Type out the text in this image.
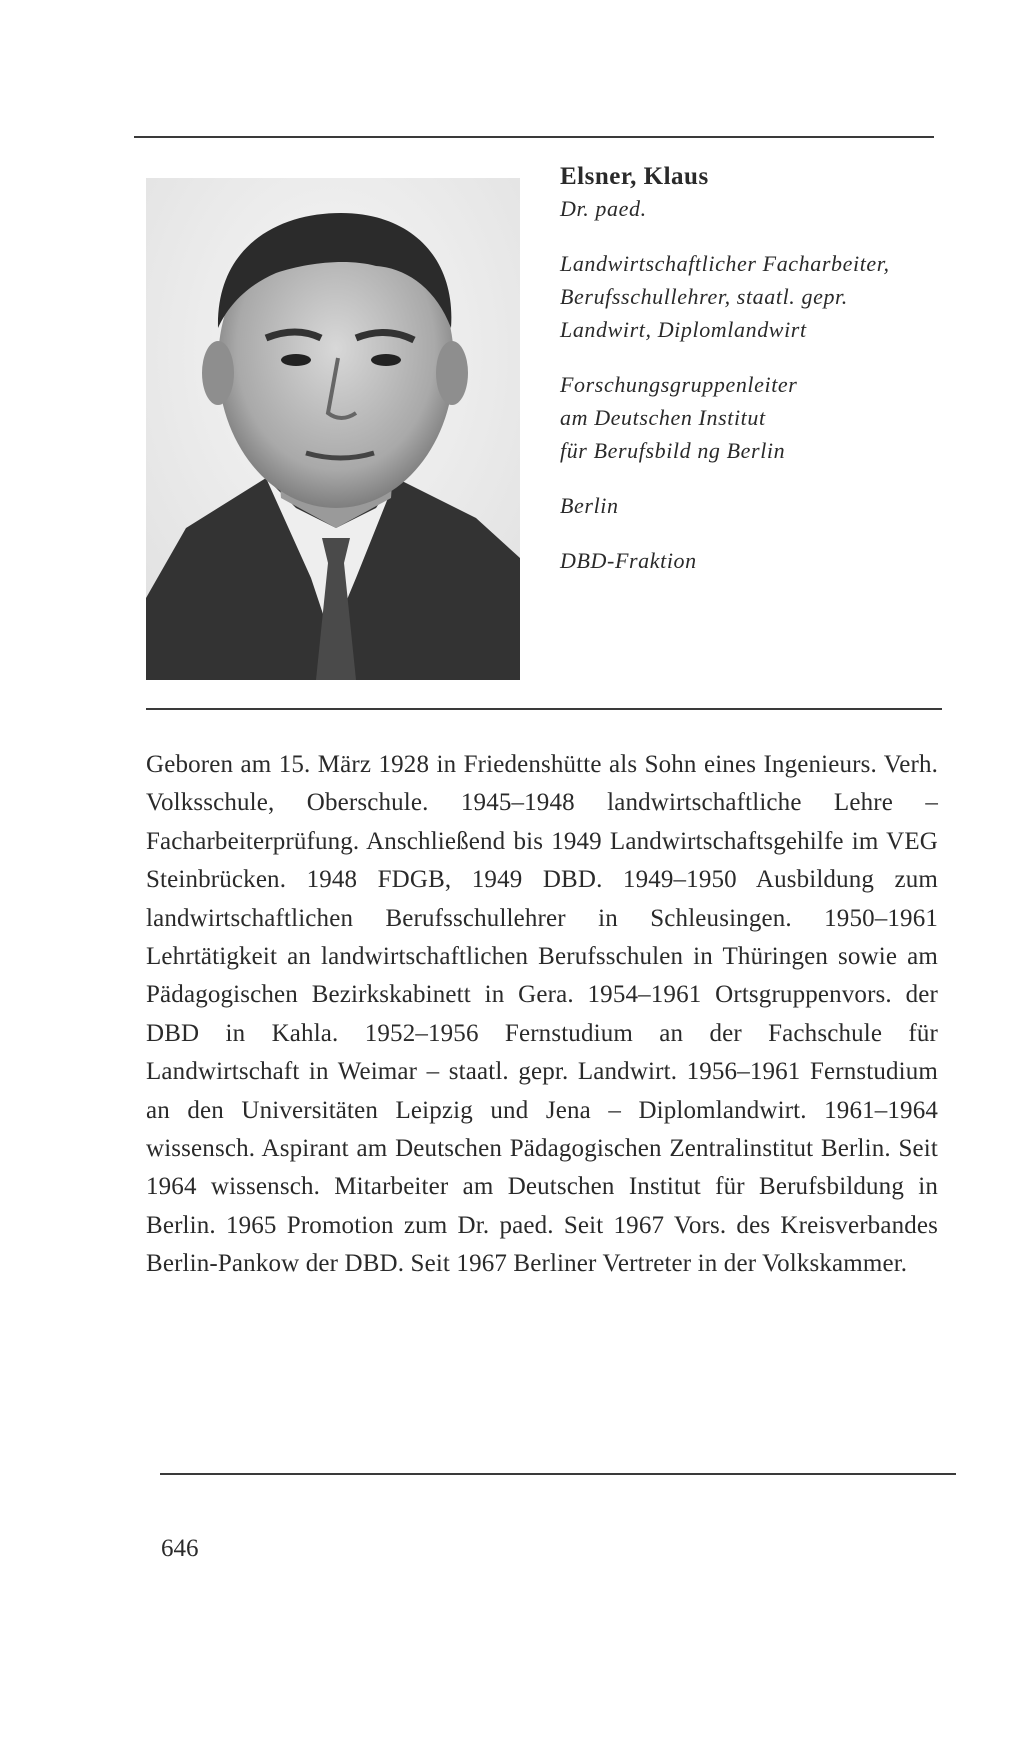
Elsner, Klaus

Dr. paed.

Landwirtschaftlicher Facharbeiter,

Berufsschullehrer, staatl. gepr.

Landwirt, Diplomlandwirt

Forschungsgruppenleiter

am Deutschen Institut

für Berufsbild ng Berlin

Berlin

DBD-Fraktion

Geboren am 15. März 1928 in Friedenshütte als Sohn eines Ingenieurs. Verh. Volksschule, Oberschule. 1945–1948 landwirtschaftliche Lehre – Facharbeiterprüfung. Anschließend bis 1949 Landwirtschaftsgehilfe im VEG Steinbrücken. 1948 FDGB, 1949 DBD. 1949–1950 Ausbildung zum landwirtschaftlichen Berufsschullehrer in Schleusingen. 1950–1961 Lehrtätigkeit an landwirtschaftlichen Berufsschulen in Thüringen sowie am Pädagogischen Bezirkskabinett in Gera. 1954–1961 Ortsgruppenvors. der DBD in Kahla. 1952–1956 Fernstudium an der Fachschule für Landwirtschaft in Weimar – staatl. gepr. Landwirt. 1956–1961 Fernstudium an den Universitäten Leipzig und Jena – Diplomlandwirt. 1961–1964 wissensch. Aspirant am Deutschen Pädagogischen Zentralinstitut Berlin. Seit 1964 wissensch. Mitarbeiter am Deutschen Institut für Berufsbildung in Berlin. 1965 Promotion zum Dr. paed. Seit 1967 Vors. des Kreisverbandes Berlin-Pankow der DBD. Seit 1967 Berliner Vertreter in der Volkskammer.

646
